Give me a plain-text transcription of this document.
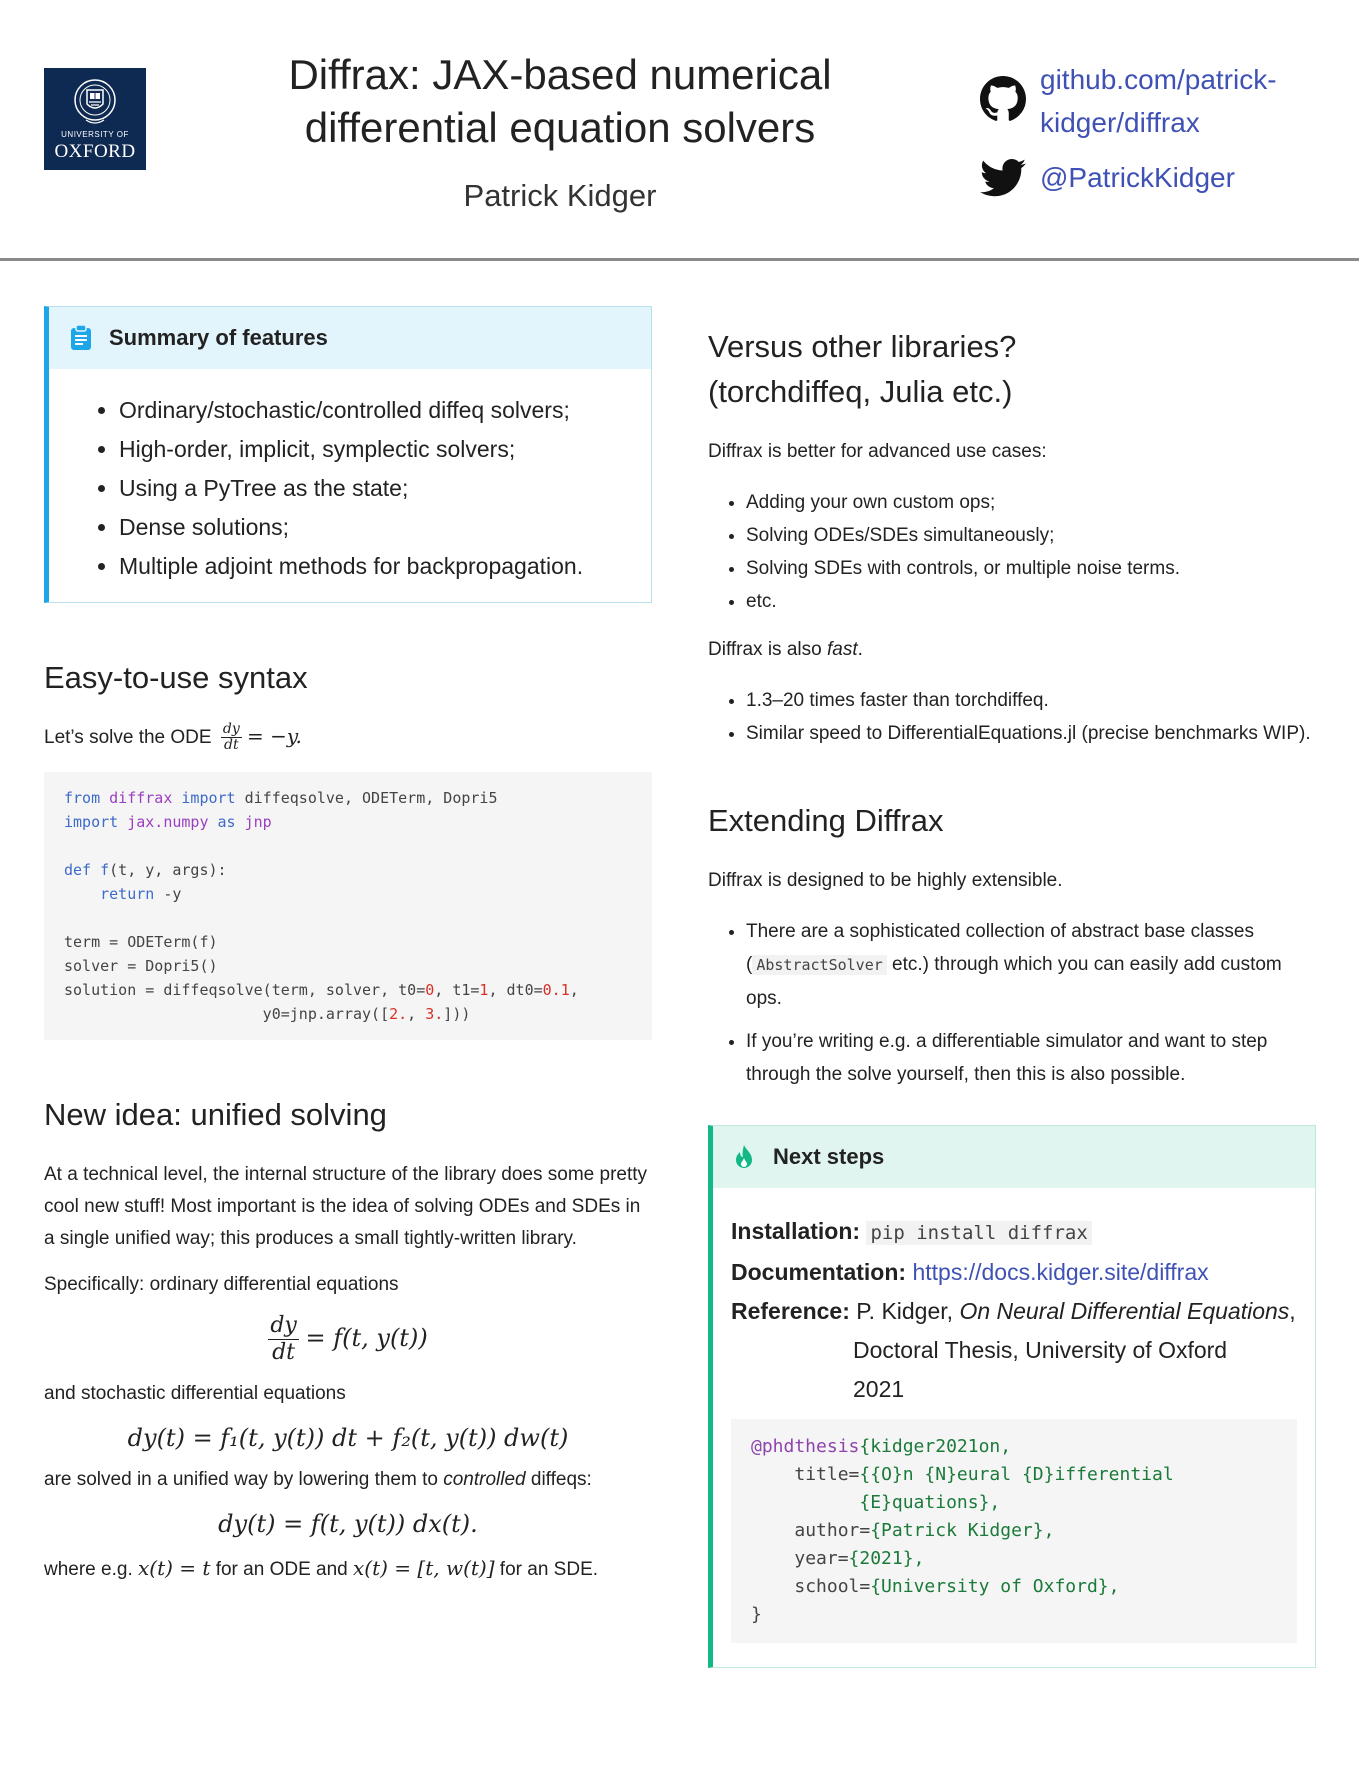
UNIVERSITY OF
OXFORD
Diffrax: JAX-based numerical differential equation solvers
Patrick Kidger
github.com/patrick-kidger/diffrax
@PatrickKidger
Summary of features
• Ordinary/stochastic/controlled diffeq solvers;
• High-order, implicit, symplectic solvers;
• Using a PyTree as the state;
• Dense solutions;
• Multiple adjoint methods for backpropagation.
Easy-to-use syntax

Let’s solve the ODE $\frac{dy}{dt} = -y$.

from diffrax import diffeqsolve, ODETerm, Dopri5
import jax.numpy as jnp

def f(t, y, args):
return -y

term = ODETerm(f)
solver = Dopri5()
solution = diffeqsolve(term, solver, t0=0, t1=1, dt0=0.1,
y0=jnp.array([2., 3.]))
New idea: unified solving

At a technical level, the internal structure of the library does some pretty cool new stuff! Most important is the idea of solving ODEs and SDEs in a single unified way; this produces a small tightly-written library.

Specifically: ordinary differential equations

$\frac{dy}{dt} = f(t$, y(t))

and stochastic differential equations

dy(t) = f₁(t, y(t)) dt + f₂(t, y(t)) dw(t)

are solved in a unified way by lowering them to controlled diffeqs:

dy(t) = f(t, y(t)) dx(t).

where e.g. x(t) = t for an ODE and x(t) = [t, w(t)] for an SDE.

Versus other libraries?
(torchdiffeq, Julia etc.)

Diffrax is better for advanced use cases:

• Adding your own custom ops;
• Solving ODEs/SDEs simultaneously;
• Solving SDEs with controls, or multiple noise terms.
• etc.

Diffrax is also fast.

• 1.3–20 times faster than torchdiffeq.
• Similar speed to DifferentialEquations.jl (precise benchmarks WIP).
Extending Diffrax

Diffrax is designed to be highly extensible.

• There are a sophisticated collection of abstract base classes ( AbstractSolver etc.) through which you can easily add custom ops.
• If you’re writing e.g. a differentiable simulator and want to step through the solve yourself, then this is also possible.
Next steps
Installation: pip install diffrax
Documentation: https://docs.kidger.site/diffrax
Reference: P. Kidger, On Neural Differential Equations,
Doctoral Thesis, University of Oxford
2021
@phdthesis{kidger2021on,
title={{O}n {N}eural {D}ifferential
{E}quations},
author={Patrick Kidger},
year={2021},
school={University of Oxford},
}
